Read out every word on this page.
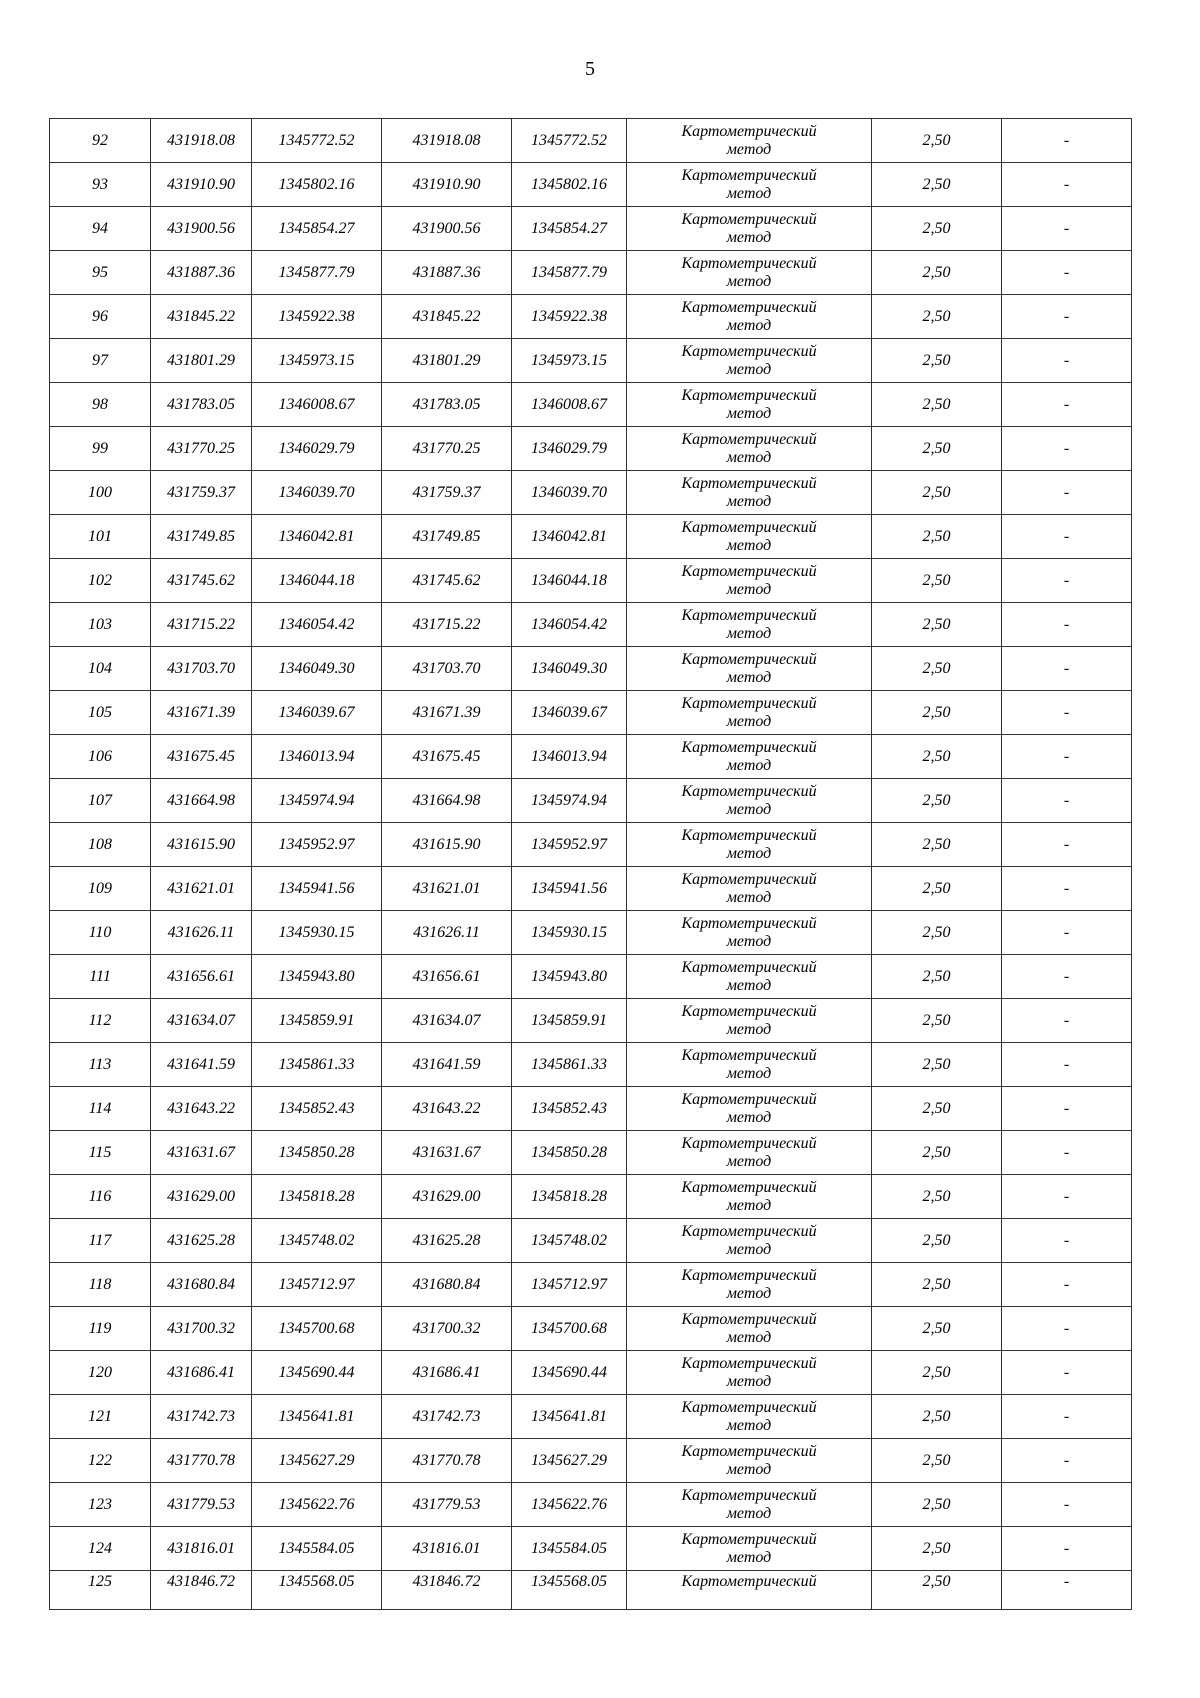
5
92	431918.08	1345772.52	431918.08	1345772.52	Картометрический
метод	2,50	-
93	431910.90	1345802.16	431910.90	1345802.16	Картометрический
метод	2,50	-
94	431900.56	1345854.27	431900.56	1345854.27	Картометрический
метод	2,50	-
95	431887.36	1345877.79	431887.36	1345877.79	Картометрический
метод	2,50	-
96	431845.22	1345922.38	431845.22	1345922.38	Картометрический
метод	2,50	-
97	431801.29	1345973.15	431801.29	1345973.15	Картометрический
метод	2,50	-
98	431783.05	1346008.67	431783.05	1346008.67	Картометрический
метод	2,50	-
99	431770.25	1346029.79	431770.25	1346029.79	Картометрический
метод	2,50	-
100	431759.37	1346039.70	431759.37	1346039.70	Картометрический
метод	2,50	-
101	431749.85	1346042.81	431749.85	1346042.81	Картометрический
метод	2,50	-
102	431745.62	1346044.18	431745.62	1346044.18	Картометрический
метод	2,50	-
103	431715.22	1346054.42	431715.22	1346054.42	Картометрический
метод	2,50	-
104	431703.70	1346049.30	431703.70	1346049.30	Картометрический
метод	2,50	-
105	431671.39	1346039.67	431671.39	1346039.67	Картометрический
метод	2,50	-
106	431675.45	1346013.94	431675.45	1346013.94	Картометрический
метод	2,50	-
107	431664.98	1345974.94	431664.98	1345974.94	Картометрический
метод	2,50	-
108	431615.90	1345952.97	431615.90	1345952.97	Картометрический
метод	2,50	-
109	431621.01	1345941.56	431621.01	1345941.56	Картометрический
метод	2,50	-
110	431626.11	1345930.15	431626.11	1345930.15	Картометрический
метод	2,50	-
111	431656.61	1345943.80	431656.61	1345943.80	Картометрический
метод	2,50	-
112	431634.07	1345859.91	431634.07	1345859.91	Картометрический
метод	2,50	-
113	431641.59	1345861.33	431641.59	1345861.33	Картометрический
метод	2,50	-
114	431643.22	1345852.43	431643.22	1345852.43	Картометрический
метод	2,50	-
115	431631.67	1345850.28	431631.67	1345850.28	Картометрический
метод	2,50	-
116	431629.00	1345818.28	431629.00	1345818.28	Картометрический
метод	2,50	-
117	431625.28	1345748.02	431625.28	1345748.02	Картометрический
метод	2,50	-
118	431680.84	1345712.97	431680.84	1345712.97	Картометрический
метод	2,50	-
119	431700.32	1345700.68	431700.32	1345700.68	Картометрический
метод	2,50	-
120	431686.41	1345690.44	431686.41	1345690.44	Картометрический
метод	2,50	-
121	431742.73	1345641.81	431742.73	1345641.81	Картометрический
метод	2,50	-
122	431770.78	1345627.29	431770.78	1345627.29	Картометрический
метод	2,50	-
123	431779.53	1345622.76	431779.53	1345622.76	Картометрический
метод	2,50	-
124	431816.01	1345584.05	431816.01	1345584.05	Картометрический
метод	2,50	-
125	431846.72	1345568.05	431846.72	1345568.05	Картометрический	2,50	-
